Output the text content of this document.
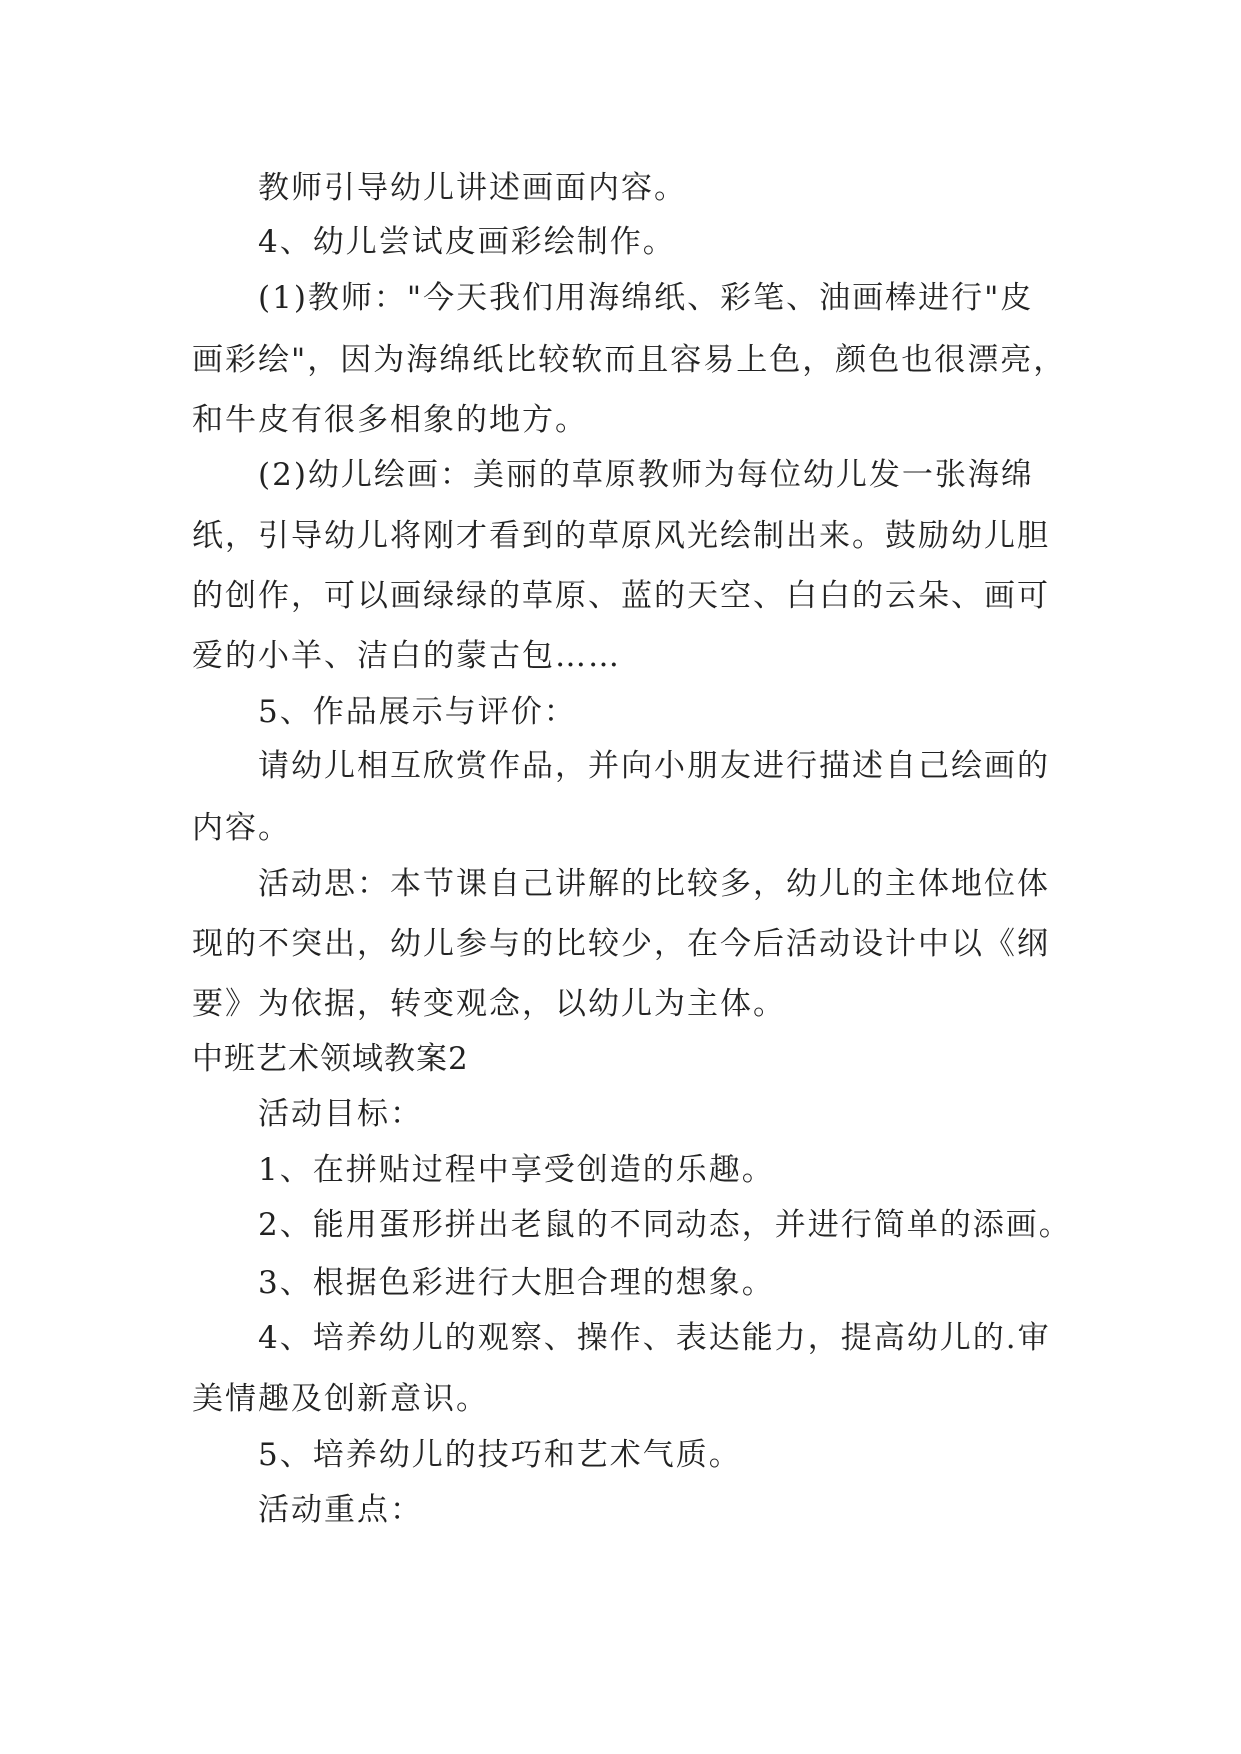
教师引导幼儿讲述画面内容。
4、幼儿尝试皮画彩绘制作。
(1)教师："今天我们用海绵纸、彩笔、油画棒进行"皮
画彩绘"，因为海绵纸比较软而且容易上色，颜色也很漂亮，
和牛皮有很多相象的地方。
(2)幼儿绘画：美丽的草原教师为每位幼儿发一张海绵
纸，引导幼儿将刚才看到的草原风光绘制出来。鼓励幼儿胆
的创作，可以画绿绿的草原、蓝的天空、白白的云朵、画可
爱的小羊、洁白的蒙古包……
5、作品展示与评价：
请幼儿相互欣赏作品，并向小朋友进行描述自己绘画的
内容。
活动思：本节课自己讲解的比较多，幼儿的主体地位体
现的不突出，幼儿参与的比较少，在今后活动设计中以《纲
要》为依据，转变观念，以幼儿为主体。
中班艺术领域教案2
活动目标：
1、在拼贴过程中享受创造的乐趣。
2、能用蛋形拼出老鼠的不同动态，并进行简单的添画。
3、根据色彩进行大胆合理的想象。
4、培养幼儿的观察、操作、表达能力，提高幼儿的.审
美情趣及创新意识。
5、培养幼儿的技巧和艺术气质。
活动重点：
